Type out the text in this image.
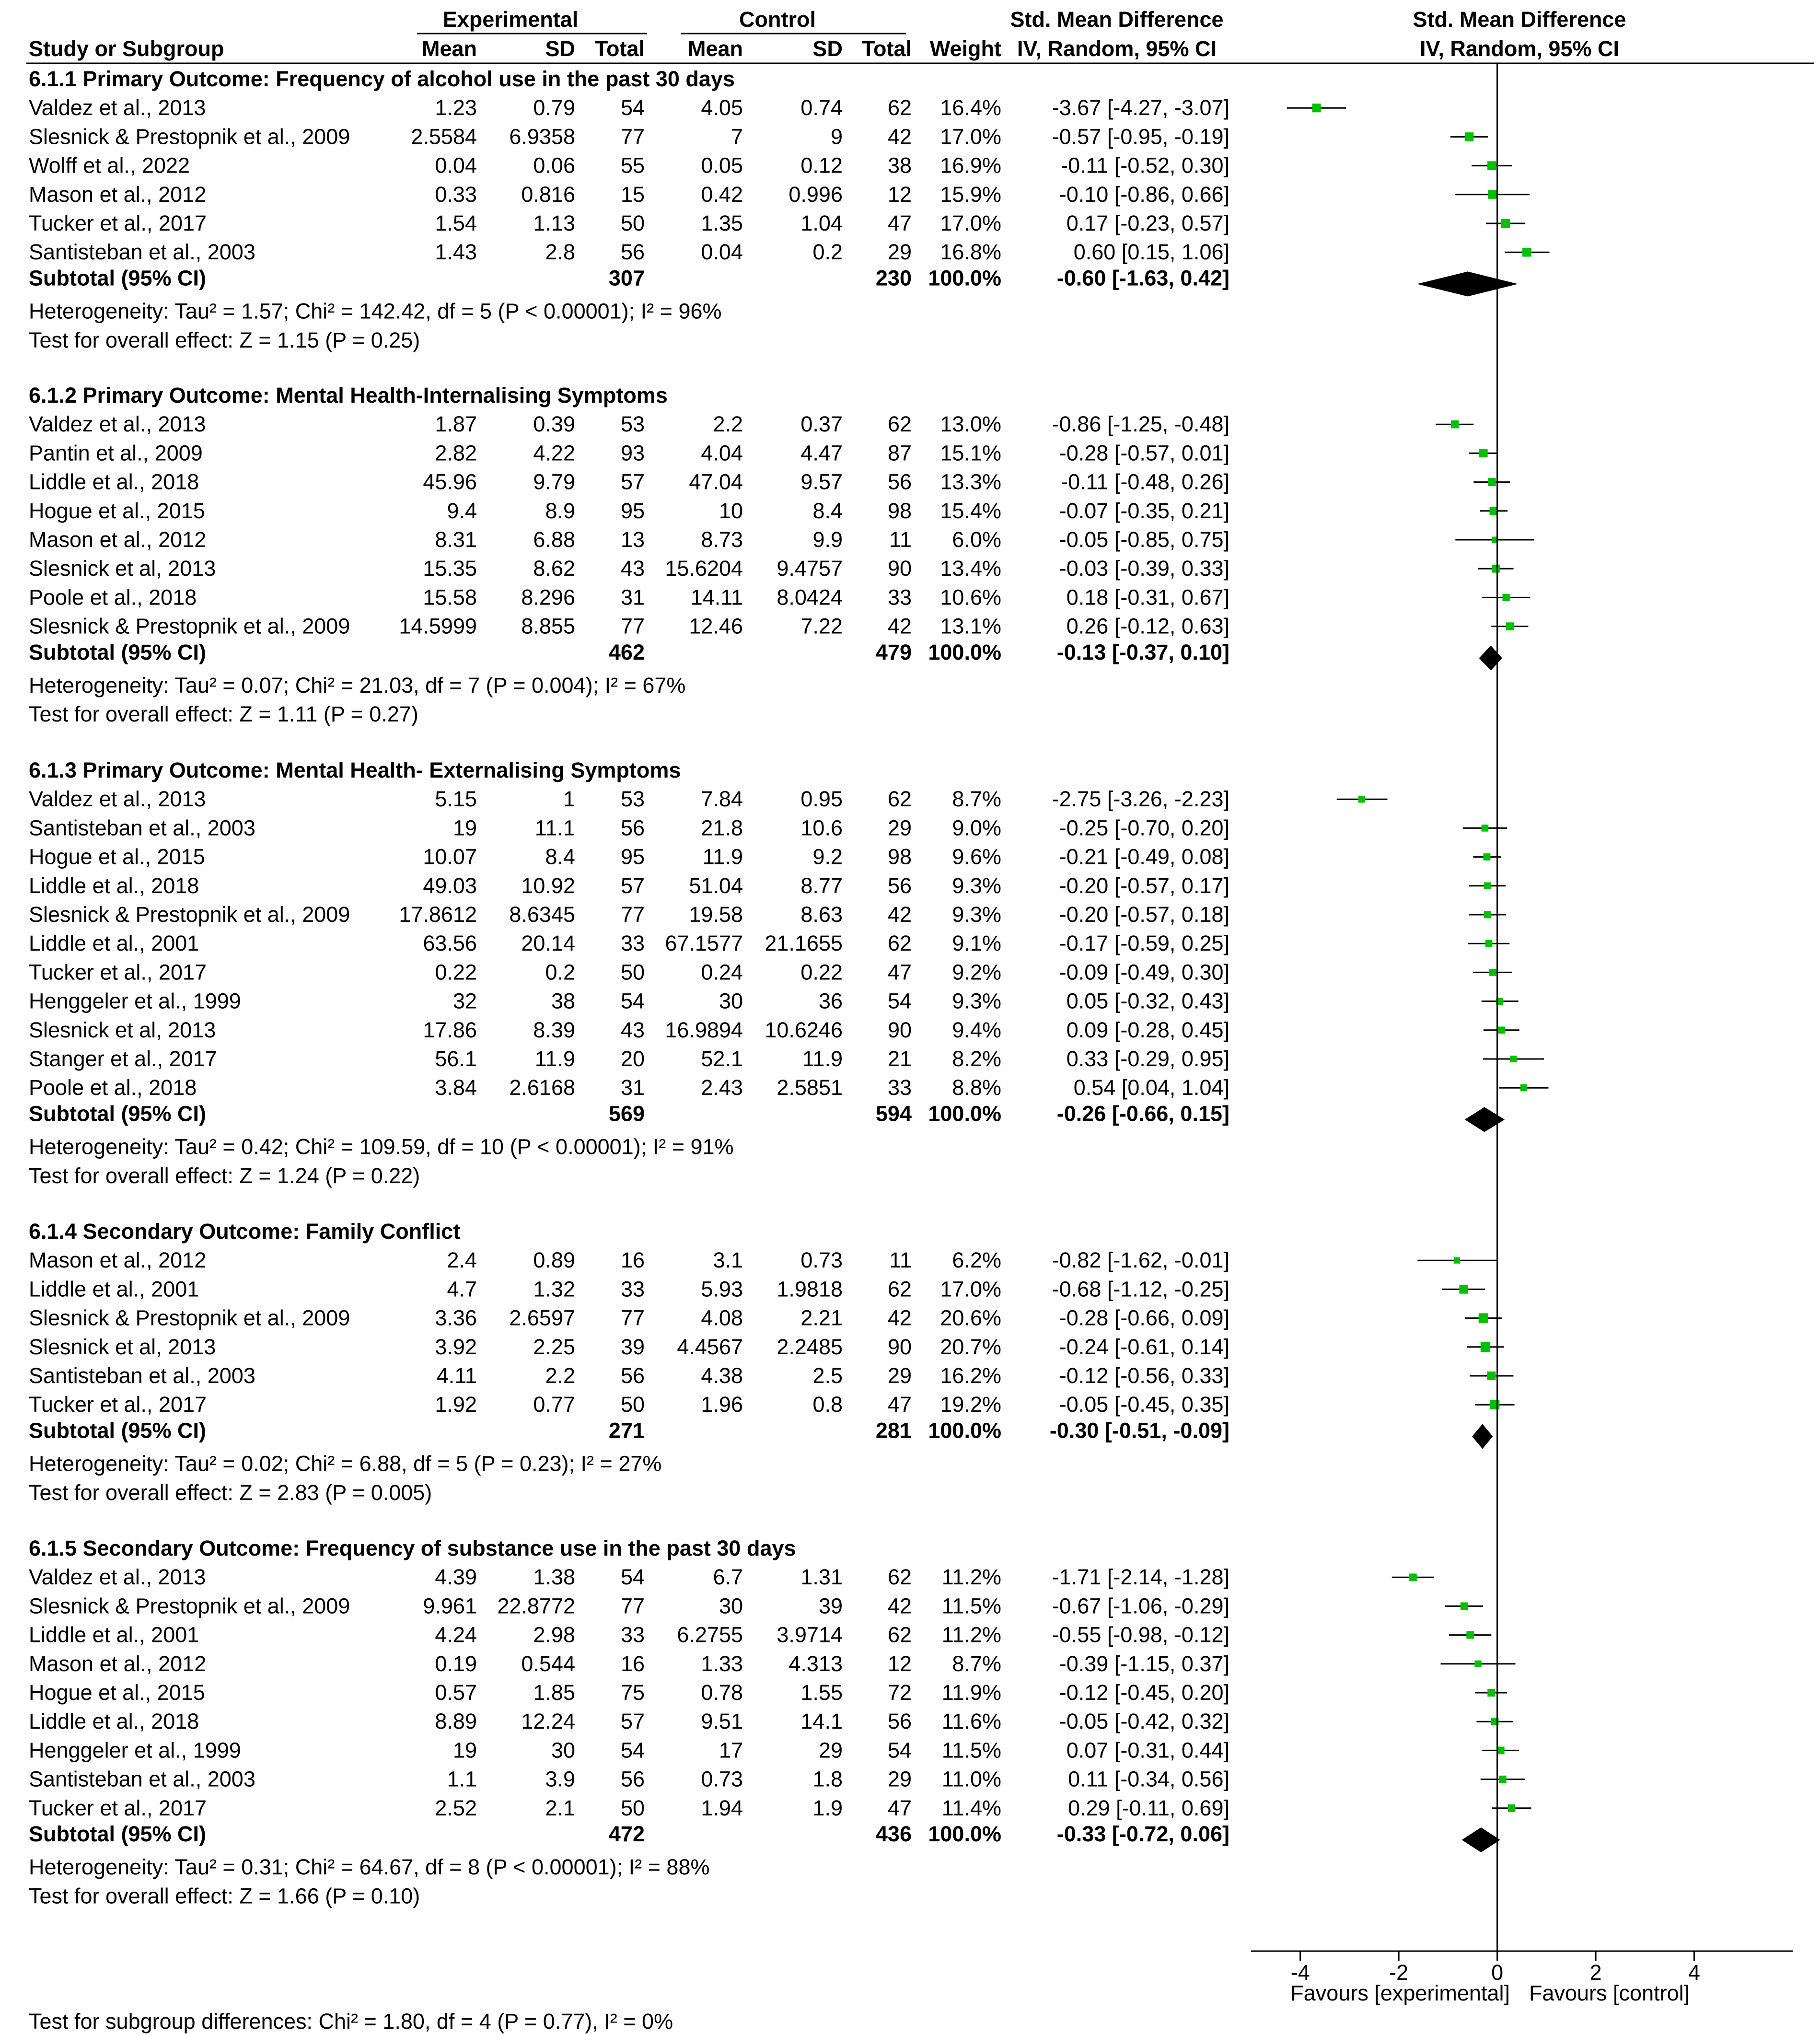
Experimental	Control	Std. Mean Difference	Std. Mean Difference
Study or Subgroup	Mean	SD Total Mean	SD Total Weight IV, Random, 95% CI	IV, Random, 95% CI
6.1.1 Primary Outcome: Frequency of alcohol use in the past 30 days
Valdez et al., 2013	1.23	0.79 54	4.05	0.74 62 16.4% -3.67 [-4.27, -3.07]
Slesnick & Prestopnik et al., 2009	2.5584 6.9358 77	7	9 42 17.0% -0.57 [-0.95, -0.19]
Wolff et al., 2022	0.04	0.06 55	0.05	0.12 38 16.9%	-0.11 [-0.52, 0.30]
Mason et al., 2012	0.33 0.816 15	0.42 0.996 12 15.9%	-0.10 [-0.86, 0.66]
Tucker et al., 2017	1.54	1.13 50	1.35	1.04 47 17.0%	0.17 [-0.23, 0.57]
Santisteban et al., 2003	1.43	2.8 56	0.04	0.2 29 16.8%	0.60 [0.15, 1.06]
Subtotal (95% CI)	307	230 100.0%	-0.60 [-1.63, 0.42]
Heterogeneity: Tau² = 1.57; Chi² = 142.42, df = 5 (P < 0.00001); I² = 96%
Test for overall effect: Z = 1.15 (P = 0.25)
6.1.2 Primary Outcome: Mental Health-Internalising Symptoms
Valdez et al., 2013	1.87	0.39 53	2.2	0.37 62 13.0% -0.86 [-1.25, -0.48]
Pantin et al., 2009	2.82	4.22 93	4.04	4.47 87 15.1%	-0.28 [-0.57, 0.01]
Liddle et al., 2018	45.96	9.79 57 47.04	9.57 56 13.3%	-0.11 [-0.48, 0.26]
Hogue et al., 2015	9.4	8.9 95	10	8.4 98 15.4%	-0.07 [-0.35, 0.21]
Mason et al., 2012	8.31	6.88 13	8.73	9.9 11 6.0%	-0.05 [-0.85, 0.75]
Slesnick et al, 2013	15.35	8.62 43 15.6204 9.4757 90 13.4%	-0.03 [-0.39, 0.33]
Poole et al., 2018	15.58 8.296 31 14.11 8.0424 33 10.6%	0.18 [-0.31, 0.67]
Slesnick & Prestopnik et al., 2009 14.5999 8.855 77 12.46	7.22 42 13.1%	0.26 [-0.12, 0.63]
Subtotal (95% CI)	462	479 100.0%	-0.13 [-0.37, 0.10]
Heterogeneity: Tau² = 0.07; Chi² = 21.03, df = 7 (P = 0.004); I² = 67%
Test for overall effect: Z = 1.11 (P = 0.27)
6.1.3 Primary Outcome: Mental Health- Externalising Symptoms
Valdez et al., 2013	5.15	1 53	7.84	0.95 62 8.7% -2.75 [-3.26, -2.23]
Santisteban et al., 2003	19	11.1 56	21.8	10.6 29 9.0%	-0.25 [-0.70, 0.20]
Hogue et al., 2015	10.07	8.4 95	11.9	9.2 98 9.6%	-0.21 [-0.49, 0.08]
Liddle et al., 2018	49.03 10.92 57 51.04	8.77 56 9.3%	-0.20 [-0.57, 0.17]
Slesnick & Prestopnik et al., 2009 17.8612 8.6345 77 19.58	8.63 42 9.3%	-0.20 [-0.57, 0.18]
Liddle et al., 2001	63.56 20.14 33 67.1577 21.1655 62 9.1%	-0.17 [-0.59, 0.25]
Tucker et al., 2017	0.22	0.2 50	0.24	0.22 47 9.2%	-0.09 [-0.49, 0.30]
Henggeler et al., 1999	32	38 54	30	36 54 9.3%	0.05 [-0.32, 0.43]
Slesnick et al, 2013	17.86	8.39 43 16.9894 10.6246 90 9.4%	0.09 [-0.28, 0.45]
Stanger et al., 2017	56.1	11.9 20	52.1	11.9 21 8.2%	0.33 [-0.29, 0.95]
Poole et al., 2018	3.84 2.6168 31	2.43 2.5851 33 8.8%	0.54 [0.04, 1.04]
Subtotal (95% CI)	569	594 100.0%	-0.26 [-0.66, 0.15]
Heterogeneity: Tau² = 0.42; Chi² = 109.59, df = 10 (P < 0.00001); I² = 91%
Test for overall effect: Z = 1.24 (P = 0.22)
6.1.4 Secondary Outcome: Family Conflict
Mason et al., 2012	2.4	0.89 16	3.1	0.73 11 6.2% -0.82 [-1.62, -0.01]
Liddle et al., 2001	4.7	1.32 33	5.93 1.9818 62 17.0% -0.68 [-1.12, -0.25]
Slesnick & Prestopnik et al., 2009	3.36 2.6597 77	4.08	2.21 42 20.6%	-0.28 [-0.66, 0.09]
Slesnick et al, 2013	3.92	2.25 39 4.4567 2.2485 90 20.7%	-0.24 [-0.61, 0.14]
Santisteban et al., 2003	4.11	2.2 56	4.38	2.5 29 16.2%	-0.12 [-0.56, 0.33]
Tucker et al., 2017	1.92	0.77 50	1.96	0.8 47 19.2%	-0.05 [-0.45, 0.35]
Subtotal (95% CI)	271	281 100.0% -0.30 [-0.51, -0.09]
Heterogeneity: Tau² = 0.02; Chi² = 6.88, df = 5 (P = 0.23); I² = 27%
Test for overall effect: Z = 2.83 (P = 0.005)
6.1.5 Secondary Outcome: Frequency of substance use in the past 30 days
Valdez et al., 2013	4.39	1.38 54	6.7	1.31 62 11.2% -1.71 [-2.14, -1.28]
Slesnick & Prestopnik et al., 2009	9.961 22.8772 77	30	39 42 11.5% -0.67 [-1.06, -0.29]
Liddle et al., 2001	4.24	2.98 33 6.2755 3.9714 62 11.2% -0.55 [-0.98, -0.12]
Mason et al., 2012	0.19 0.544 16	1.33 4.313 12 8.7%	-0.39 [-1.15, 0.37]
Hogue et al., 2015	0.57	1.85 75	0.78	1.55 72 11.9%	-0.12 [-0.45, 0.20]
Liddle et al., 2018	8.89 12.24 57	9.51	14.1 56 11.6%	-0.05 [-0.42, 0.32]
Henggeler et al., 1999	19	30 54	17	29 54 11.5%	0.07 [-0.31, 0.44]
Santisteban et al., 2003	1.1	3.9 56	0.73	1.8 29 11.0%	0.11 [-0.34, 0.56]
Tucker et al., 2017	2.52	2.1 50	1.94	1.9 47 11.4%	0.29 [-0.11, 0.69]
Subtotal (95% CI)	472	436 100.0%	-0.33 [-0.72, 0.06]
Heterogeneity: Tau² = 0.31; Chi² = 64.67, df = 8 (P < 0.00001); I² = 88%
Test for overall effect: Z = 1.66 (P = 0.10)
-4	-2	0	2	4
Favours [experimental] Favours [control]
Test for subgroup differences: Chi² = 1.80, df = 4 (P = 0.77), I² = 0%
